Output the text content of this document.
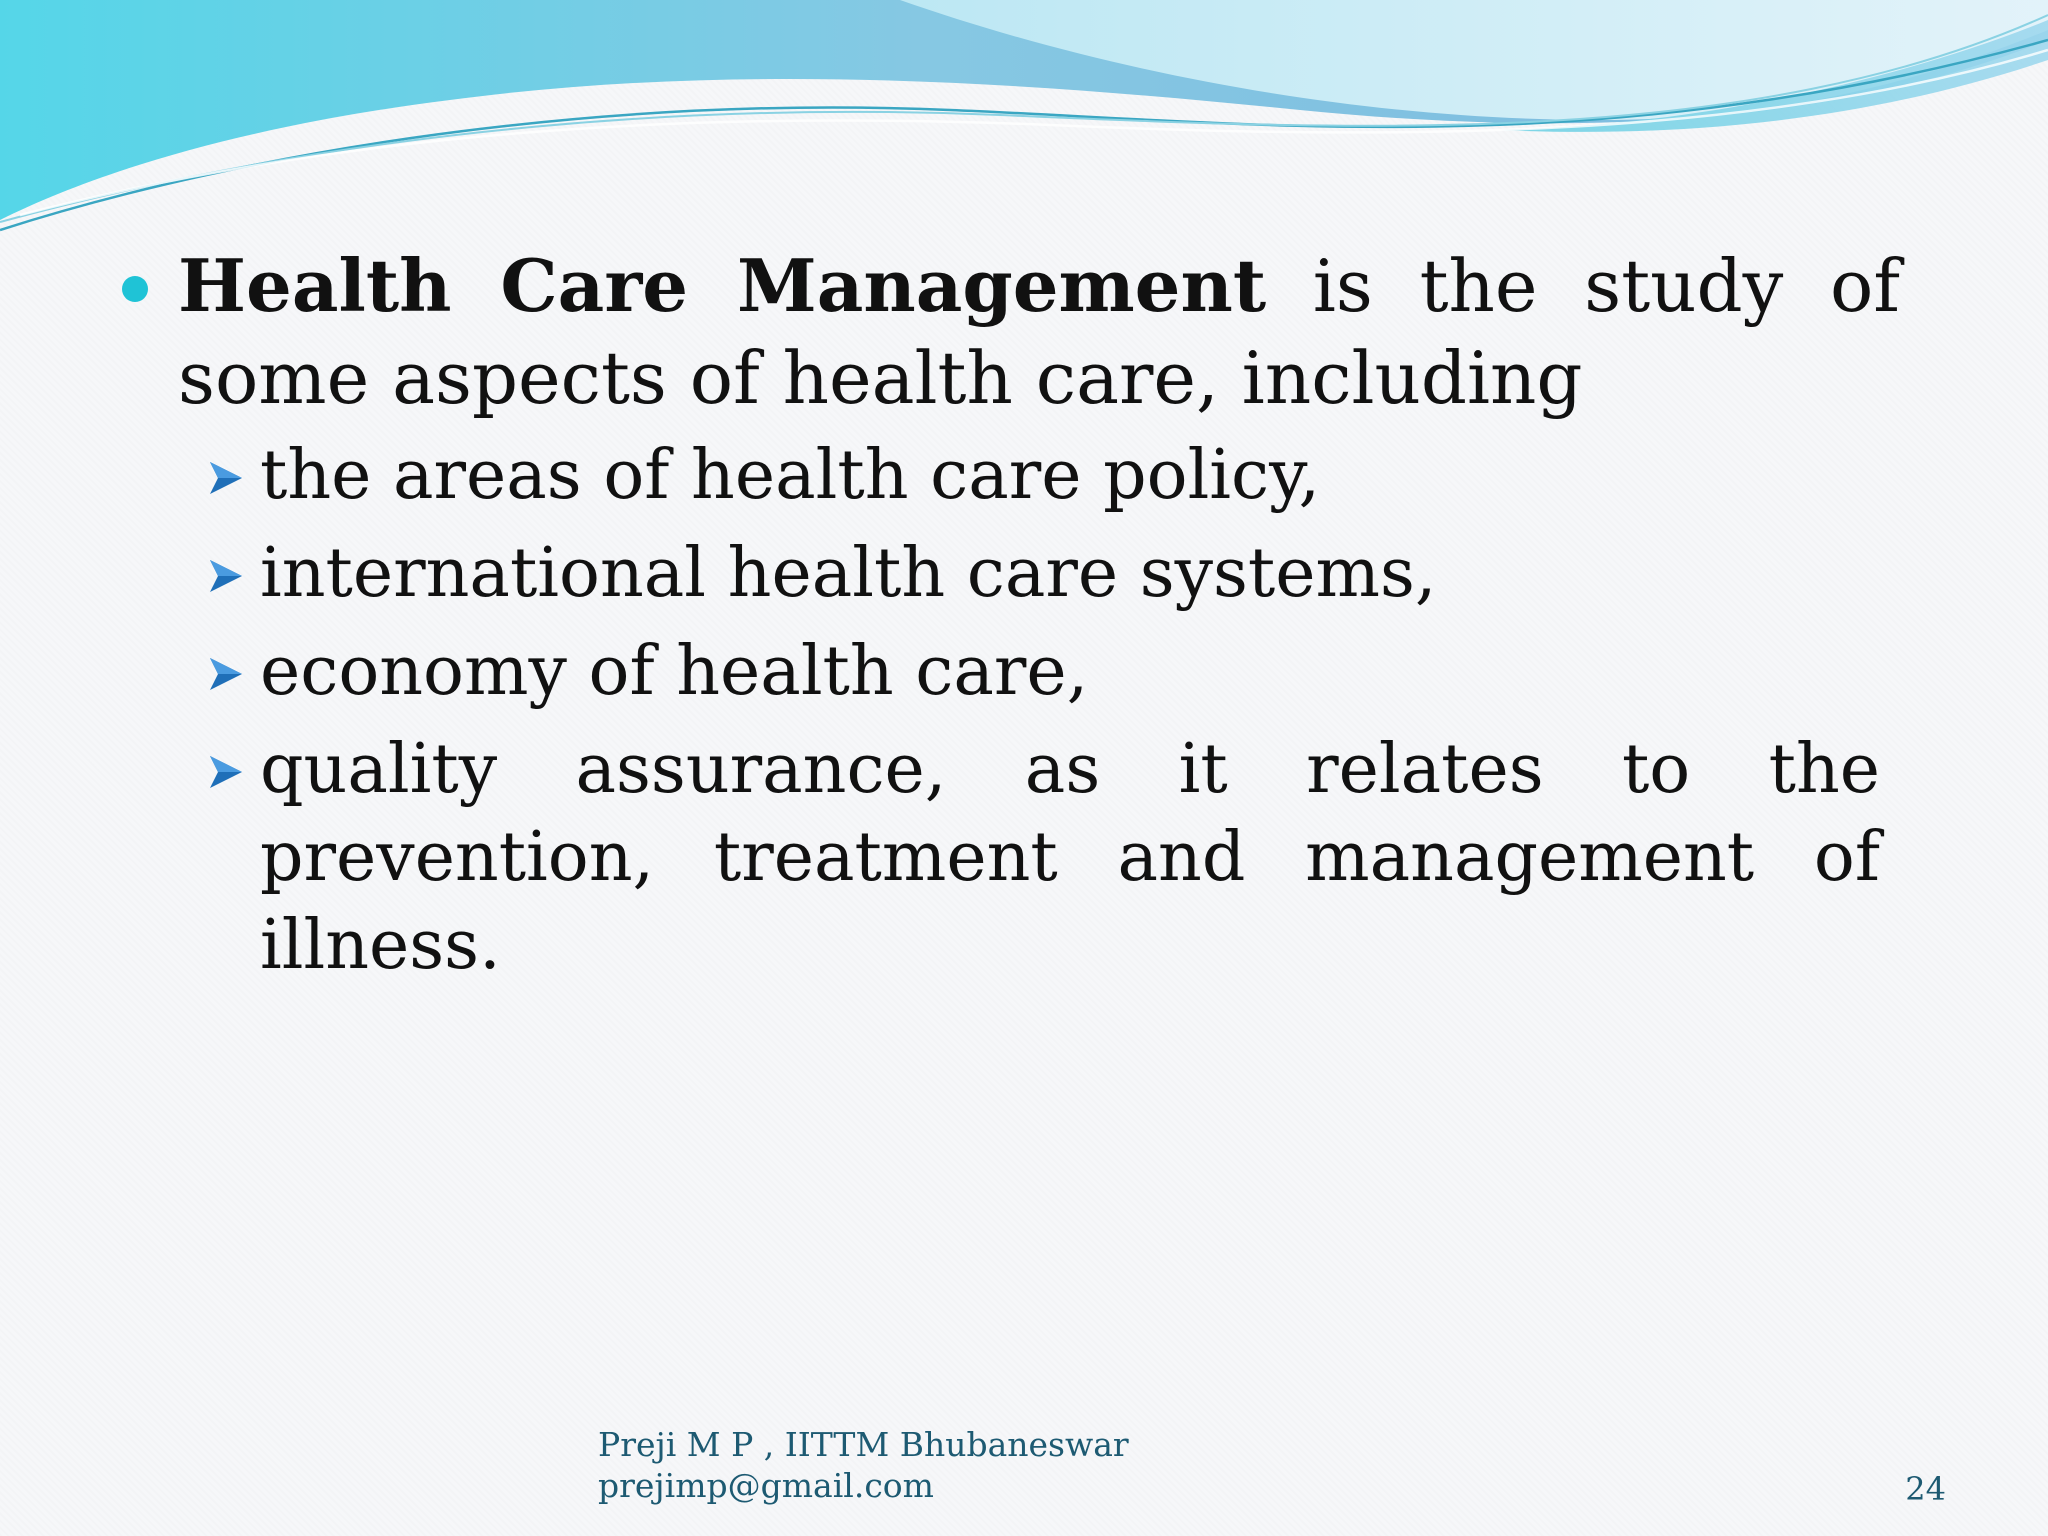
Health Care Management is the study of some aspects of health care, including

the areas of health care policy,
international health care systems,
economy of health care,
quality assurance, as it relates to the prevention, treatment and management of illness.
Preji M P , IITTM Bhubaneswar
prejimp@gmail.com	24
